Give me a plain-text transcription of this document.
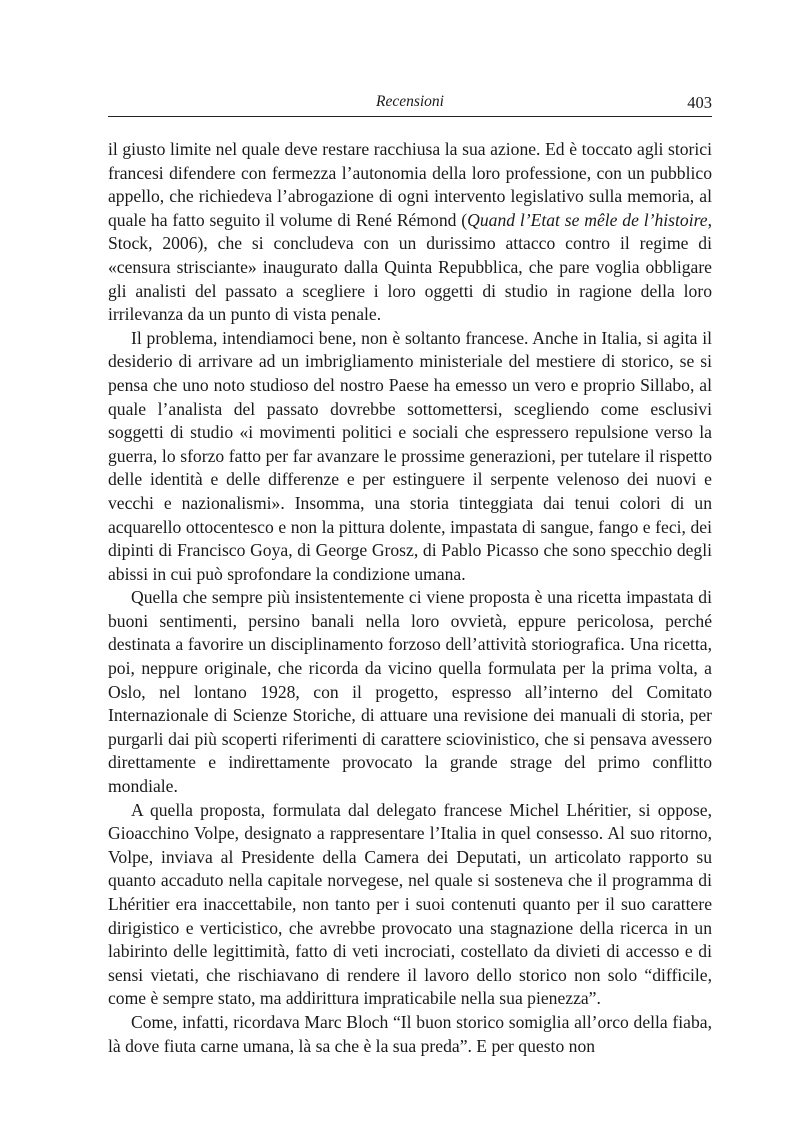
Recensioni	403

il giusto limite nel quale deve restare racchiusa la sua azione. Ed è toccato agli storici francesi difendere con fermezza l’autonomia della loro professione, con un pubblico appello, che richiedeva l’abrogazione di ogni intervento legislativo sulla memoria, al quale ha fatto seguito il volume di René Rémond (Quand l’Etat se mêle de l’histoire, Stock, 2006), che si concludeva con un durissimo attacco contro il regime di «censura strisciante» inaugurato dalla Quinta Repubblica, che pare voglia obbligare gli analisti del passato a scegliere i loro oggetti di studio in ragione della loro irrilevanza da un punto di vista penale.

Il problema, intendiamoci bene, non è soltanto francese. Anche in Italia, si agita il desiderio di arrivare ad un imbrigliamento ministeriale del mestiere di storico, se si pensa che uno noto studioso del nostro Paese ha emesso un vero e proprio Sillabo, al quale l’analista del passato dovrebbe sottomettersi, scegliendo come esclusivi soggetti di studio «i movimenti politici e sociali che espressero repulsione verso la guerra, lo sforzo fatto per far avanzare le prossime generazioni, per tutelare il rispetto delle identità e delle differenze e per estinguere il serpente velenoso dei nuovi e vecchi e nazionalismi». Insomma, una storia tinteggiata dai tenui colori di un acquarello ottocentesco e non la pittura dolente, impastata di sangue, fango e feci, dei dipinti di Francisco Goya, di George Grosz, di Pablo Picasso che sono specchio degli abissi in cui può sprofondare la condizione umana.

Quella che sempre più insistentemente ci viene proposta è una ricetta impastata di buoni sentimenti, persino banali nella loro ovvietà, eppure pericolosa, perché destinata a favorire un disciplinamento forzoso dell’attività storiografica. Una ricetta, poi, neppure originale, che ricorda da vicino quella formulata per la prima volta, a Oslo, nel lontano 1928, con il progetto, espresso all’interno del Comitato Internazionale di Scienze Storiche, di attuare una revisione dei manuali di storia, per purgarli dai più scoperti riferimenti di carattere sciovinistico, che si pensava avessero direttamente e indirettamente provocato la grande strage del primo conflitto mondiale.

A quella proposta, formulata dal delegato francese Michel Lhéritier, si oppose, Gioacchino Volpe, designato a rappresentare l’Italia in quel consesso. Al suo ritorno, Volpe, inviava al Presidente della Camera dei Deputati, un articolato rapporto su quanto accaduto nella capitale norvegese, nel quale si sosteneva che il programma di Lhéritier era inaccettabile, non tanto per i suoi contenuti quanto per il suo carattere dirigistico e verticistico, che avrebbe provocato una stagnazione della ricerca in un labirinto delle legittimità, fatto di veti incrociati, costellato da divieti di accesso e di sensi vietati, che rischiavano di rendere il lavoro dello storico non solo “difficile, come è sempre stato, ma addirittura impraticabile nella sua pienezza”.

Come, infatti, ricordava Marc Bloch “Il buon storico somiglia all’orco della fiaba, là dove fiuta carne umana, là sa che è la sua preda”. E per questo non
